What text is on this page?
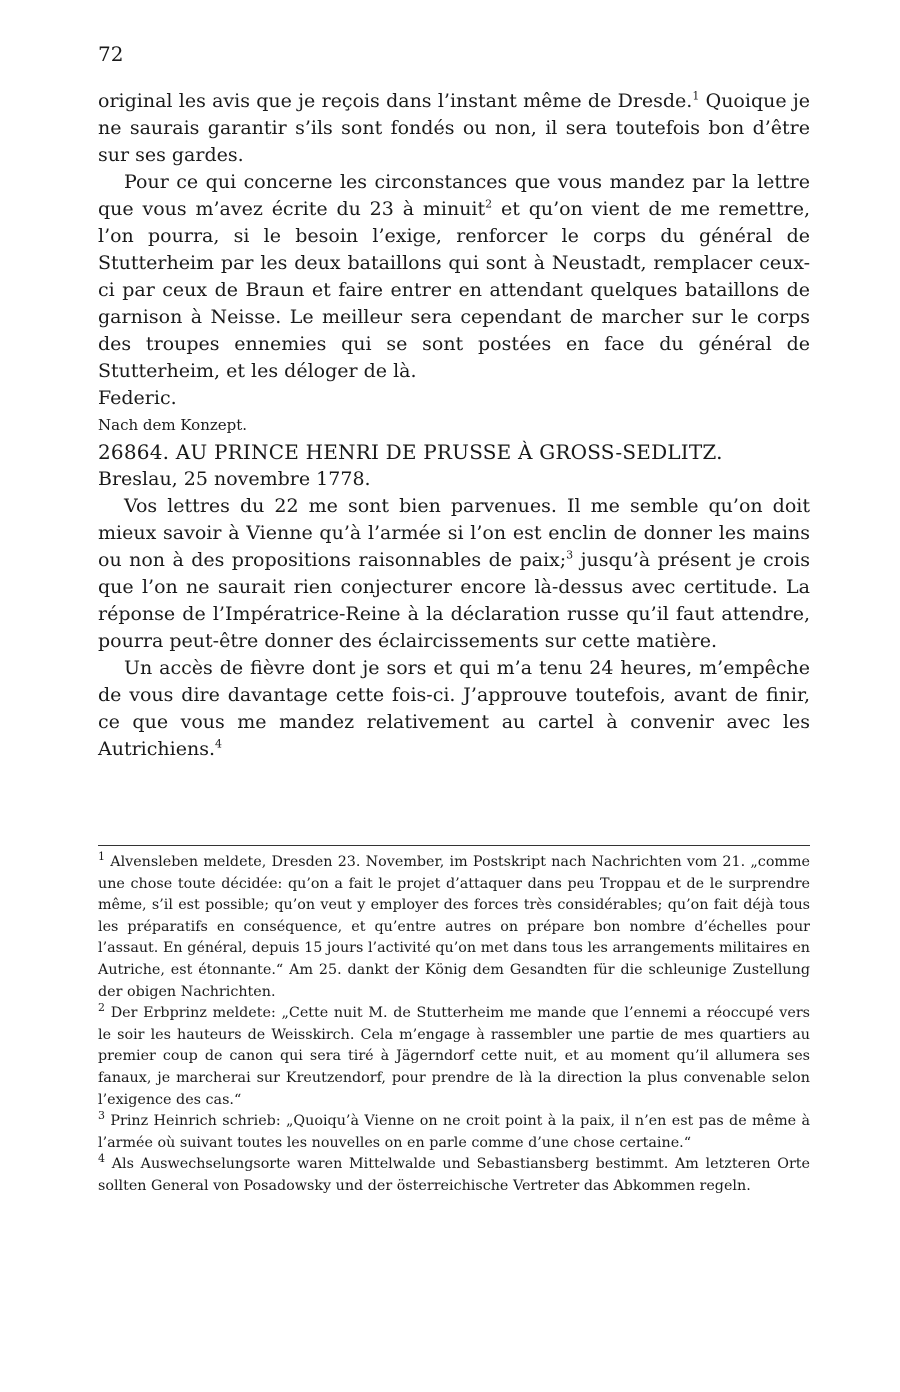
72

original les avis que je reçois dans l’instant même de Dresde.$^1$ Quoique je ne saurais garantir s’ils sont fondés ou non, il sera toutefois bon d’être sur ses gardes.

Pour ce qui concerne les circonstances que vous mandez par la lettre que vous m’avez écrite du 23 à minuit$^2$ et qu’on vient de me remettre, l’on pourra, si le besoin l’exige, renforcer le corps du général de Stutterheim par les deux bataillons qui sont à Neustadt, remplacer ceux-ci par ceux de Braun et faire entrer en attendant quelques bataillons de garnison à Neisse. Le meilleur sera cependant de marcher sur le corps des troupes ennemies qui se sont postées en face du général de Stutterheim, et les déloger de là.

Federic.

Nach dem Konzept.

26864. AU PRINCE HENRI DE PRUSSE À GROSS-SEDLITZ.

Breslau, 25 novembre 1778.

Vos lettres du 22 me sont bien parvenues. Il me semble qu’on doit mieux savoir à Vienne qu’à l’armée si l’on est enclin de donner les mains ou non à des propositions raisonnables de paix;$^3$ jusqu’à présent je crois que l’on ne saurait rien conjecturer encore là-dessus avec certitude. La réponse de l’Impératrice-Reine à la déclaration russe qu’il faut attendre, pourra peut-être donner des éclaircissements sur cette matière.

Un accès de fièvre dont je sors et qui m’a tenu 24 heures, m’empêche de vous dire davantage cette fois-ci. J’approuve toutefois, avant de finir, ce que vous me mandez relativement au cartel à convenir avec les Autrichiens.$^4$

$^1$ Alvensleben meldete, Dresden 23. November, im Postskript nach Nachrichten vom 21. „comme une chose toute décidée: qu’on a fait le projet d’attaquer dans peu Troppau et de le surprendre même, s’il est possible; qu’on veut y employer des forces très considérables; qu’on fait déjà tous les préparatifs en conséquence, et qu’entre autres on prépare bon nombre d’échelles pour l’assaut. En général, depuis 15 jours l’activité qu’on met dans tous les arrangements militaires en Autriche, est étonnante.“ Am 25. dankt der König dem Gesandten für die schleunige Zustellung der obigen Nachrichten.

$^2$ Der Erbprinz meldete: „Cette nuit M. de Stutterheim me mande que l’ennemi a réoccupé vers le soir les hauteurs de Weisskirch. Cela m’engage à rassembler une partie de mes quartiers au premier coup de canon qui sera tiré à Jägerndorf cette nuit, et au moment qu’il allumera ses fanaux, je marcherai sur Kreutzendorf, pour prendre de là la direction la plus convenable selon l’exigence des cas.“

$^3$ Prinz Heinrich schrieb: „Quoiqu’à Vienne on ne croit point à la paix, il n’en est pas de même à l’armée où suivant toutes les nouvelles on en parle comme d’une chose certaine.“

$^4$ Als Auswechselungsorte waren Mittelwalde und Sebastiansberg bestimmt. Am letzteren Orte sollten General von Posadowsky und der österreichische Vertreter das Abkommen regeln.
